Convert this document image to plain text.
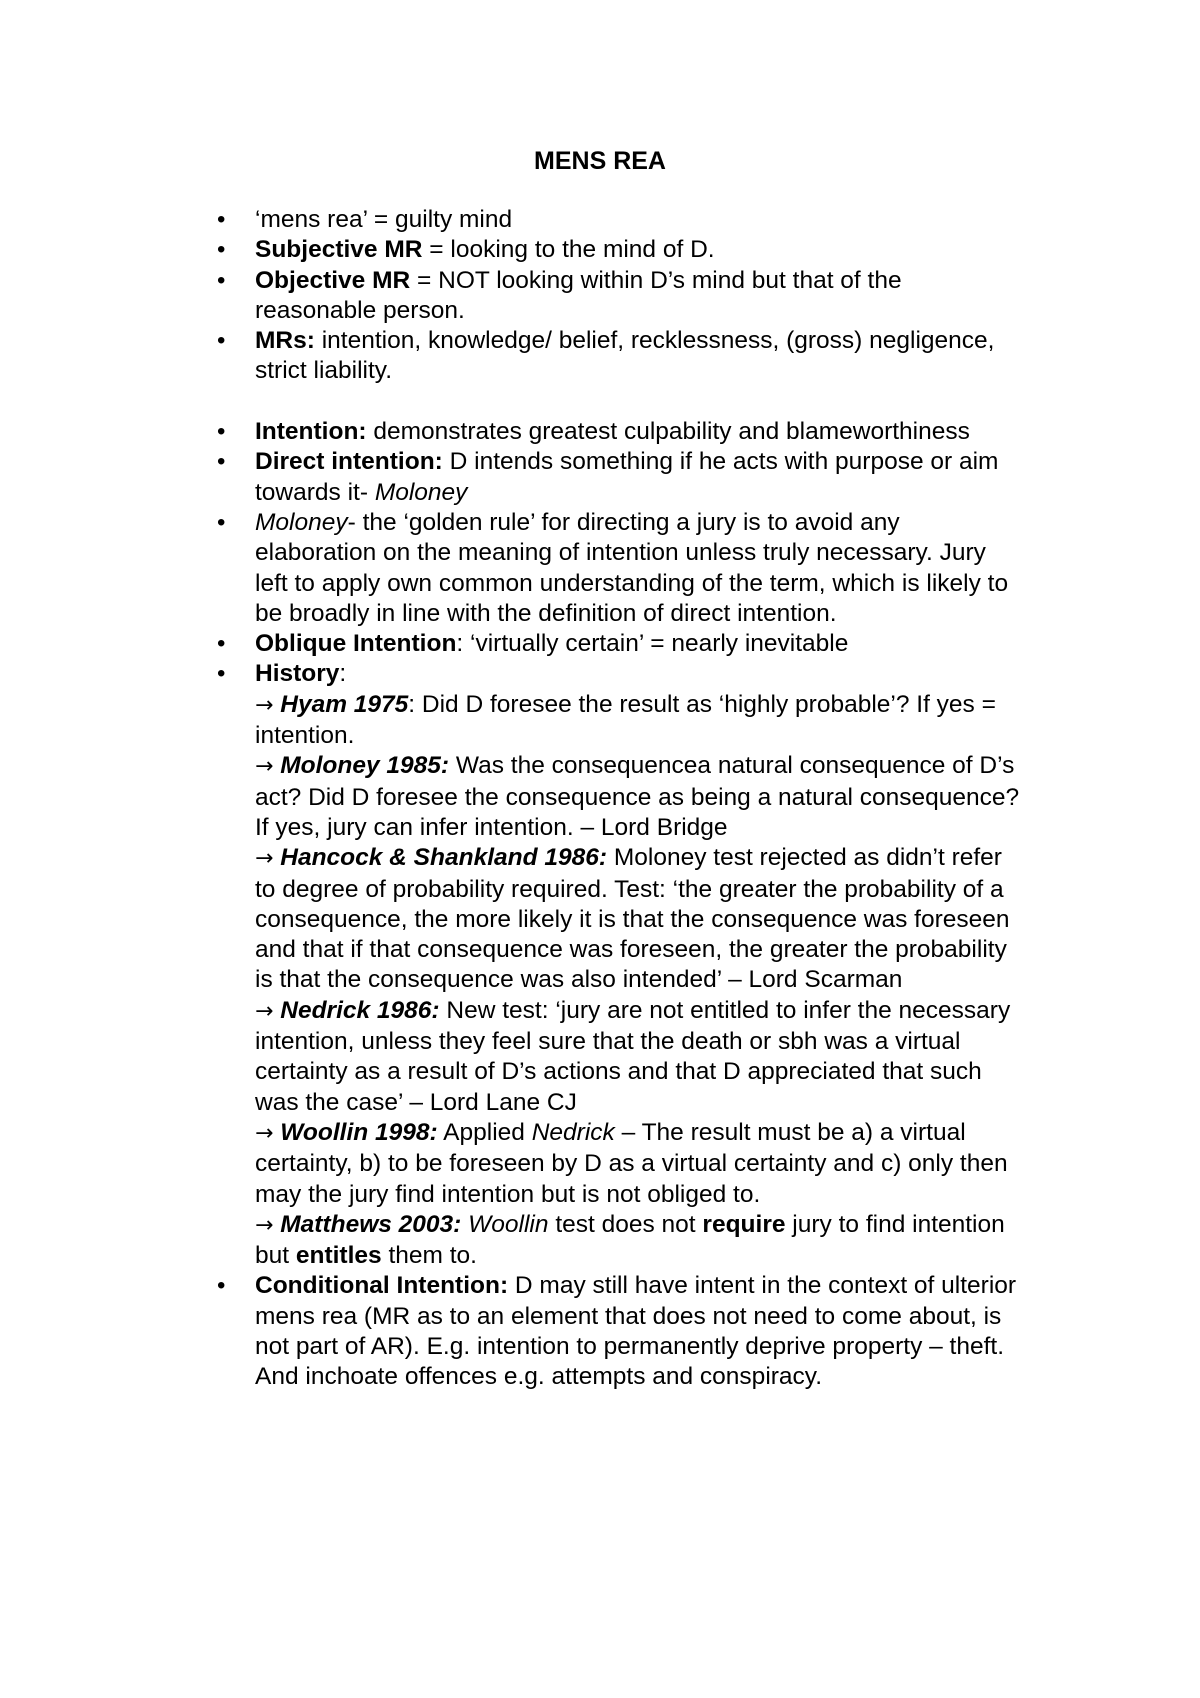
MENS REA
• ‘mens rea’ = guilty mind
• Subjective MR = looking to the mind of D.
• Objective MR = NOT looking within D’s mind but that of the reasonable person.
• MRs: intention, knowledge/ belief, recklessness, (gross) negligence, strict liability.
• Intention: demonstrates greatest culpability and blameworthiness
• Direct intention: D intends something if he acts with purpose or aim towards it- Moloney
• Moloney- the ‘golden rule’ for directing a jury is to avoid any elaboration on the meaning of intention unless truly necessary. Jury left to apply own common understanding of the term, which is likely to be broadly in line with the definition of direct intention.
• Oblique Intention: ‘virtually certain’ = nearly inevitable
• History:
→ Hyam 1975: Did D foresee the result as ‘highly probable’? If yes = intention.
→ Moloney 1985: Was the consequencea natural consequence of D’s act? Did D foresee the consequence as being a natural consequence? If yes, jury can infer intention. – Lord Bridge
→ Hancock & Shankland 1986: Moloney test rejected as didn’t refer to degree of probability required. Test: ‘the greater the probability of a consequence, the more likely it is that the consequence was foreseen and that if that consequence was foreseen, the greater the probability is that the consequence was also intended’ – Lord Scarman
→ Nedrick 1986: New test: ‘jury are not entitled to infer the necessary intention, unless they feel sure that the death or sbh was a virtual certainty as a result of D’s actions and that D appreciated that such was the case’ – Lord Lane CJ
→ Woollin 1998: Applied Nedrick – The result must be a) a virtual certainty, b) to be foreseen by D as a virtual certainty and c) only then may the jury find intention but is not obliged to.
→ Matthews 2003: Woollin test does not require jury to find intention but entitles them to.
• Conditional Intention: D may still have intent in the context of ulterior mens rea (MR as to an element that does not need to come about, is not part of AR). E.g. intention to permanently deprive property – theft. And inchoate offences e.g. attempts and conspiracy.
